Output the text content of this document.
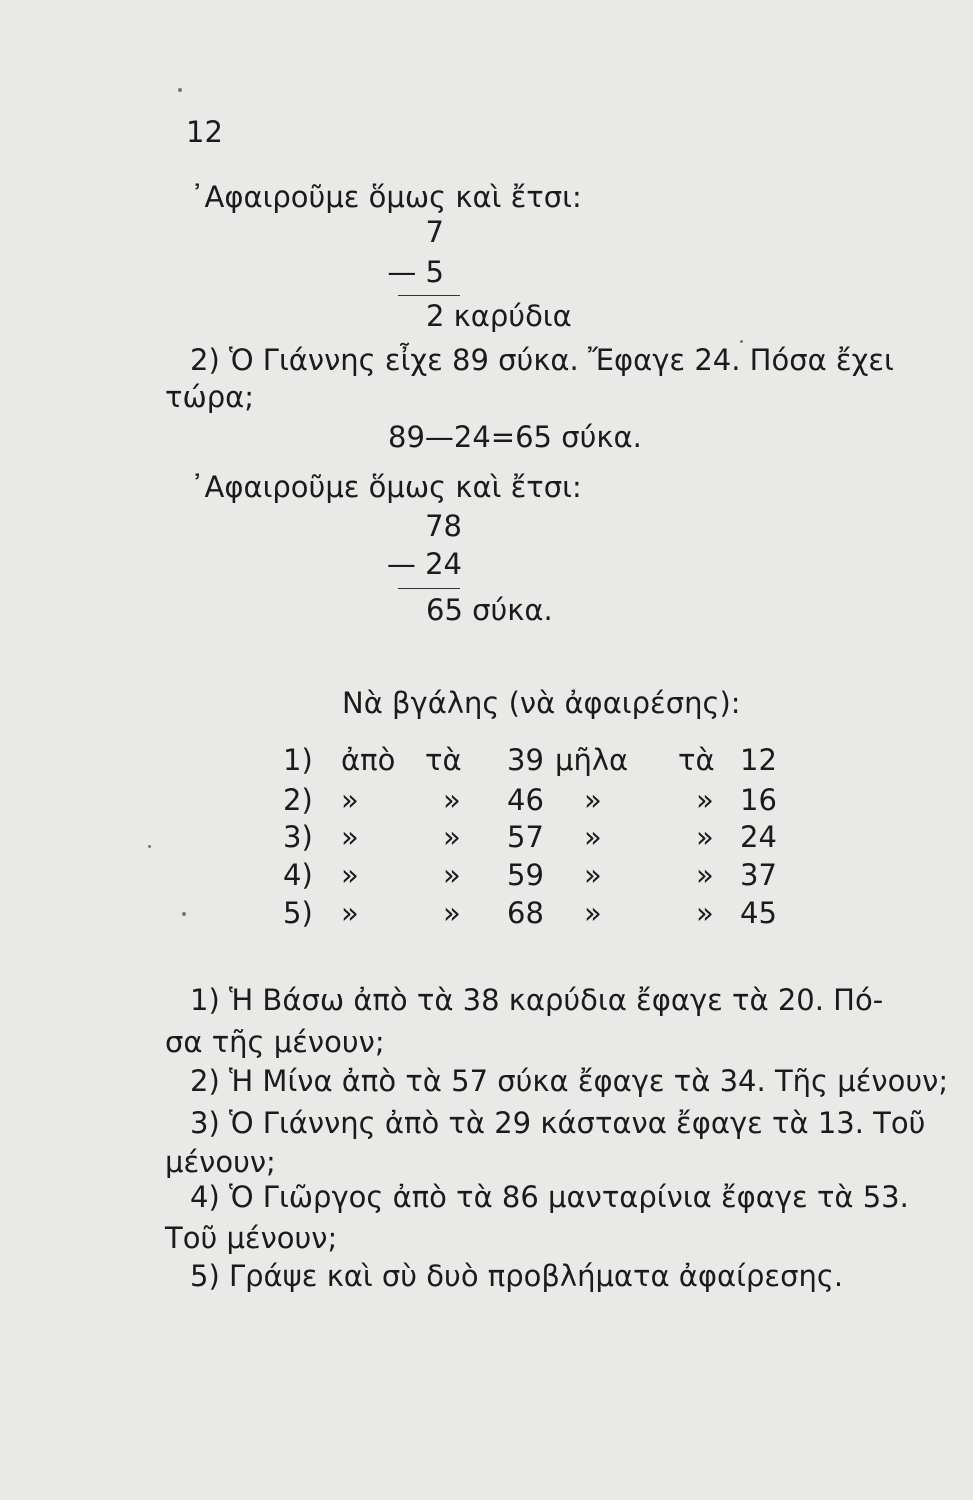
12
᾿Αφαιροῦμε ὅμως καὶ ἔτσι:
7
— 5
2 καρύδια
2) Ὁ Γιάννης εἶχε 89 σύκα. Ἔφαγε 24. Πόσα ἔχει
τώρα;
89—24=65 σύκα.
᾿Αφαιροῦμε ὅμως καὶ ἔτσι:
78
— 24
65 σύκα.
Νὰ βγάλης (νὰ ἀφαιρέσης):
1) ἀπὸ τὰ 39 μῆλα τὰ 12
2) »	» 46 »	» 16
3) »	» 57 »	» 24
4) »	» 59 »	» 37
5) »	» 68 »	» 45
1) Ἡ Βάσω ἀπὸ τὰ 38 καρύδια ἔφαγε τὰ 20. Πό-
σα τῆς μένουν;
2) Ἡ Μίνα ἀπὸ τὰ 57 σύκα ἔφαγε τὰ 34. Τῆς μένουν;
3) Ὁ Γιάννης ἀπὸ τὰ 29 κάστανα ἔφαγε τὰ 13. Τοῦ
μένουν;
4) Ὁ Γιῶργος ἀπὸ τὰ 86 μανταρίνια ἔφαγε τὰ 53.
Τοῦ μένουν;
5) Γράψε καὶ σὺ δυὸ προβλήματα ἀφαίρεσης.
